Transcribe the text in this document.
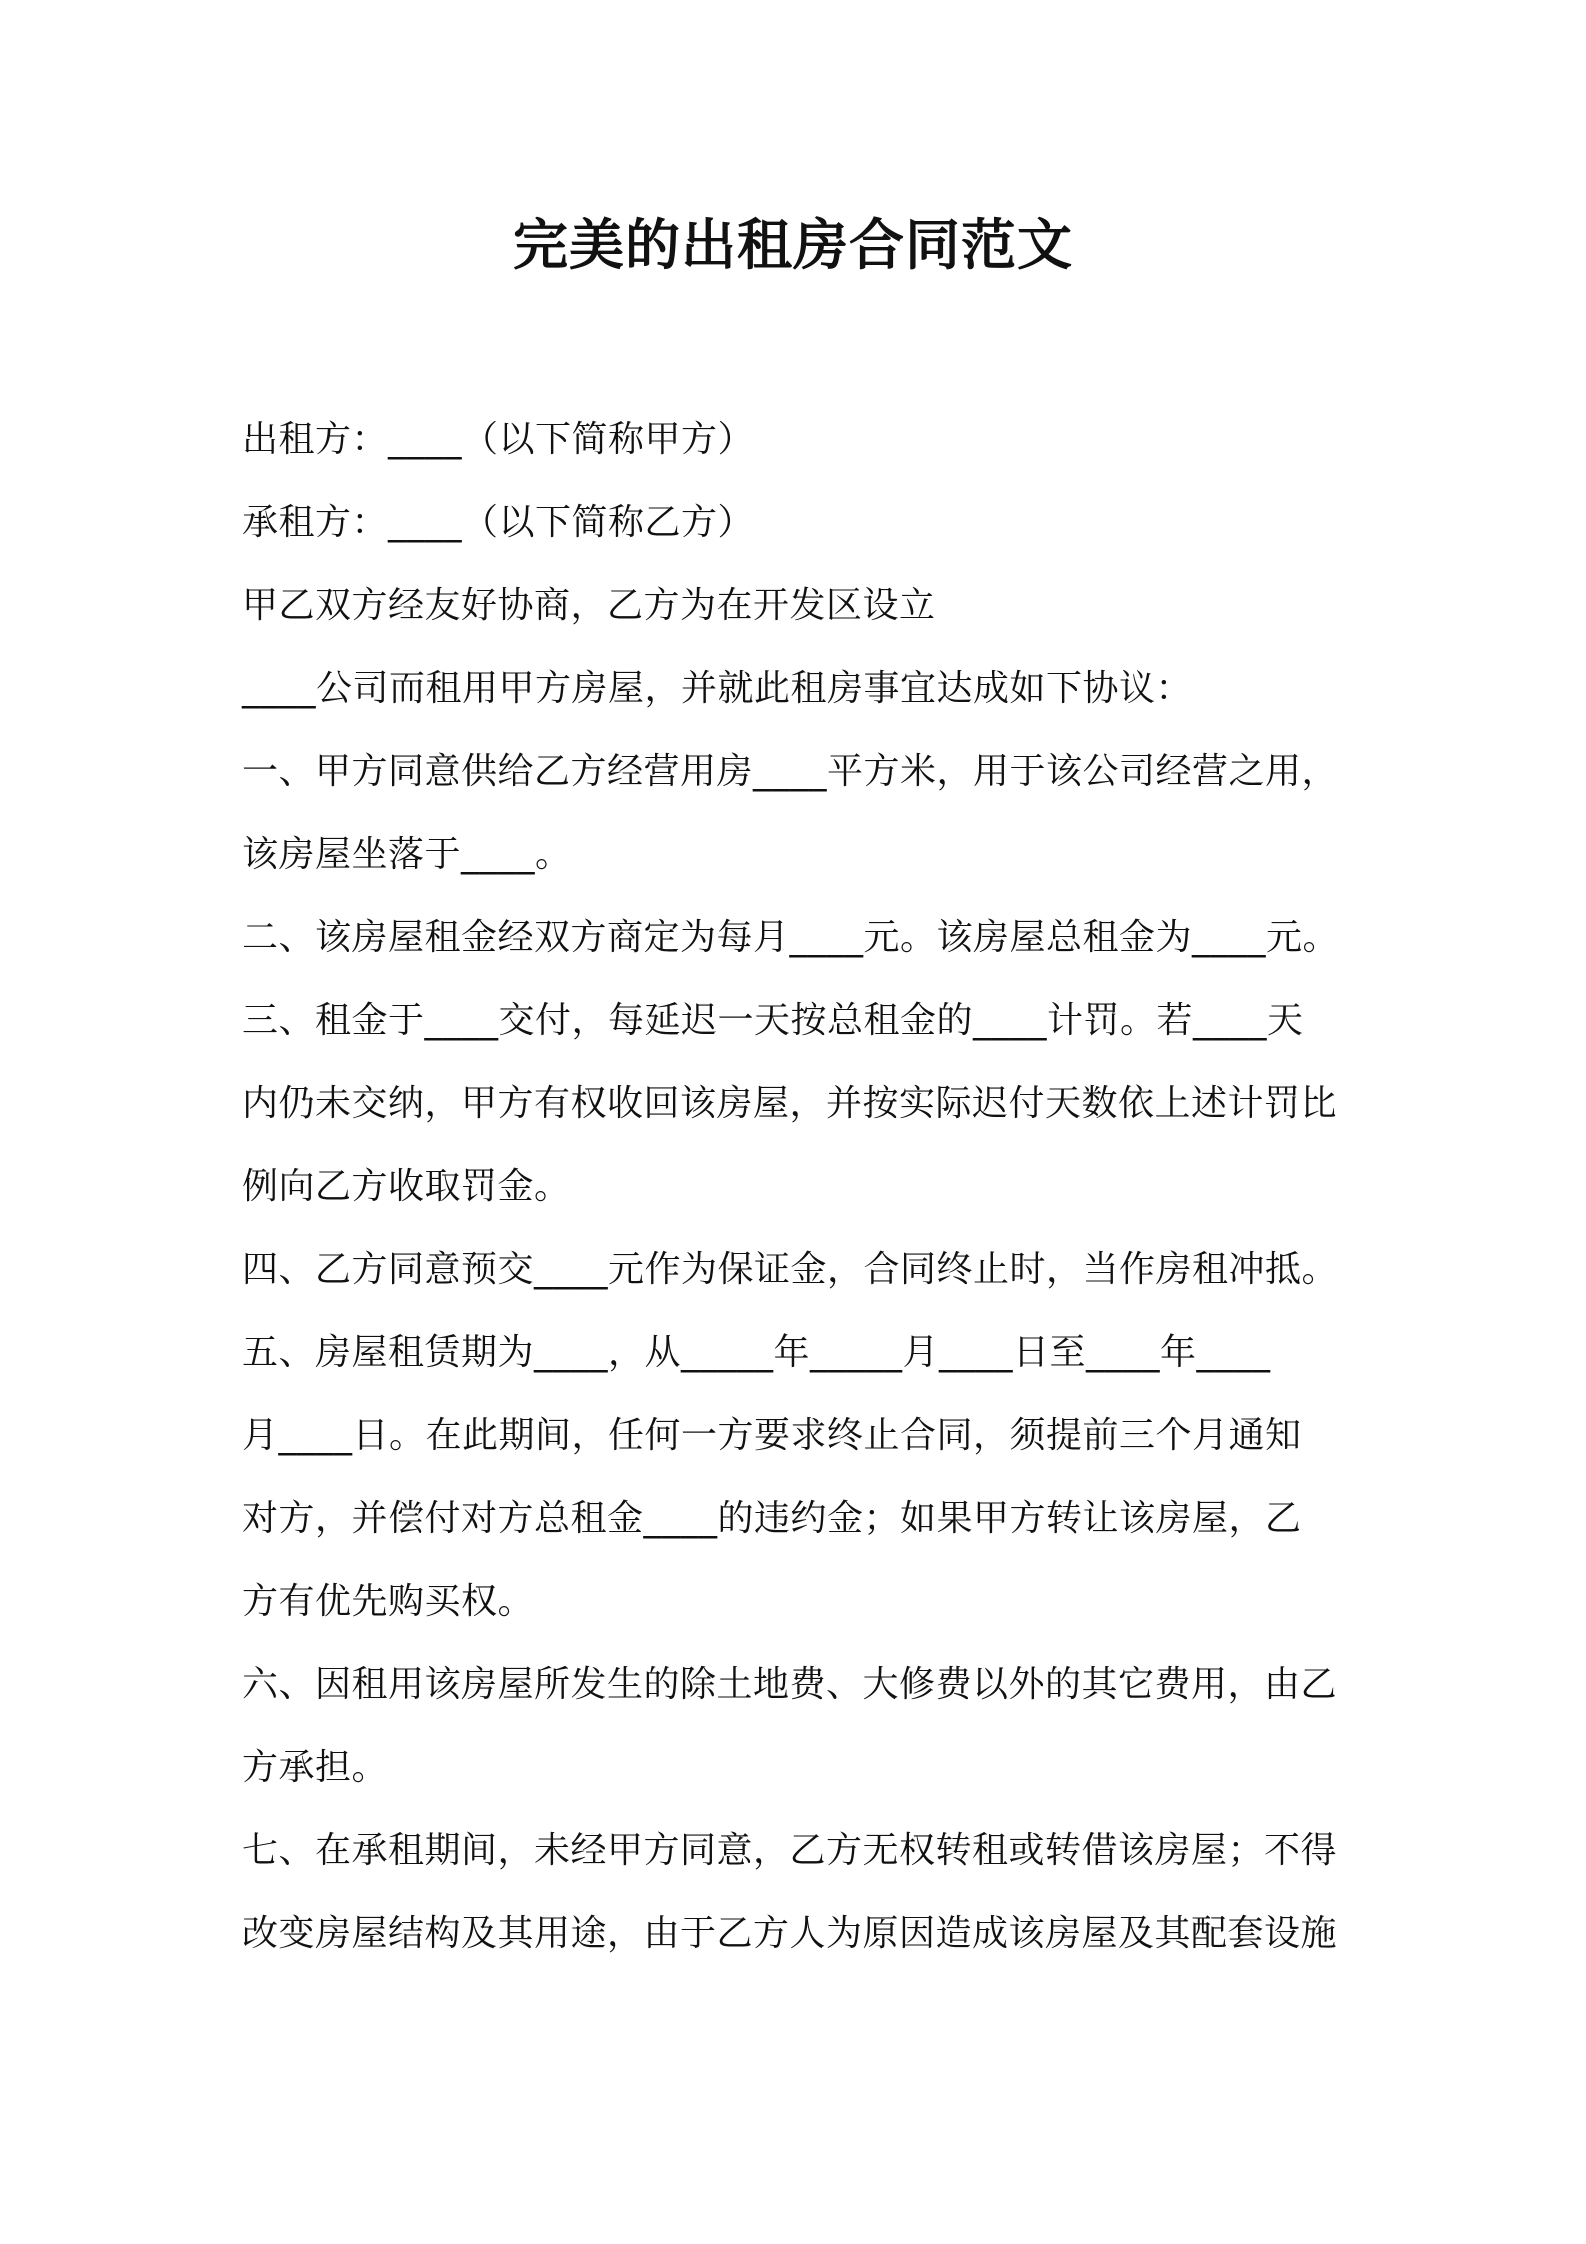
完美的出租房合同范文

出租方：____（以下简称甲方）

承租方：____（以下简称乙方）

甲乙双方经友好协商，乙方为在开发区设立

____公司而租用甲方房屋，并就此租房事宜达成如下协议：

一、甲方同意供给乙方经营用房____平方米，用于该公司经营之用，

该房屋坐落于____。

二、该房屋租金经双方商定为每月____元。该房屋总租金为____元。

三、租金于____交付，每延迟一天按总租金的____计罚。若____天

内仍未交纳，甲方有权收回该房屋，并按实际迟付天数依上述计罚比

例向乙方收取罚金。

四、乙方同意预交____元作为保证金，合同终止时，当作房租冲抵。

五、房屋租赁期为____，从_____年_____月____日至____年____

月____日。在此期间，任何一方要求终止合同，须提前三个月通知

对方，并偿付对方总租金____的违约金；如果甲方转让该房屋，乙

方有优先购买权。

六、因租用该房屋所发生的除土地费、大修费以外的其它费用，由乙

方承担。

七、在承租期间，未经甲方同意，乙方无权转租或转借该房屋；不得

改变房屋结构及其用途，由于乙方人为原因造成该房屋及其配套设施
